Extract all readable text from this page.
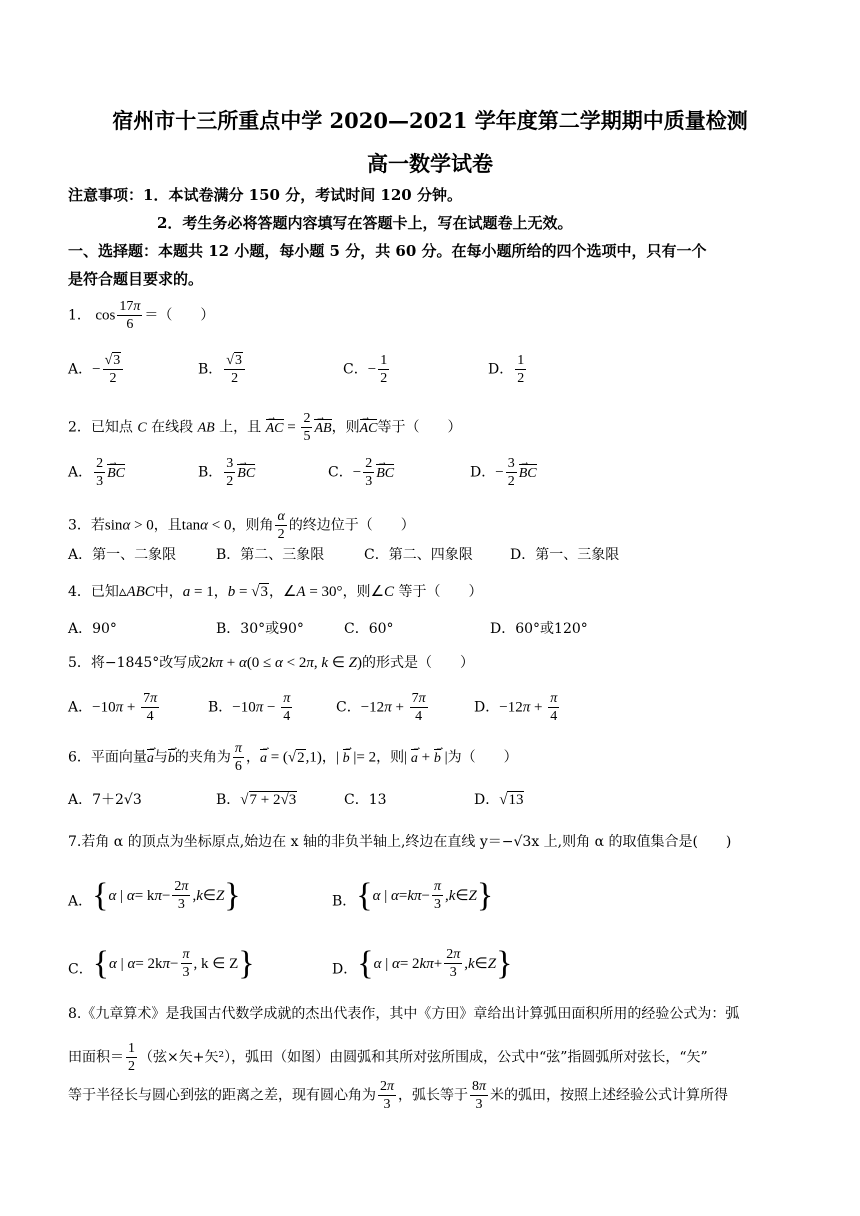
宿州市十三所重点中学 2020—2021 学年度第二学期期中质量检测
高一数学试卷
注意事项：1．本试卷满分 150 分，考试时间 120 分钟。
2．考生务必将答题内容填写在答题卡上，写在试题卷上无效。
一、选择题：本题共 12 小题，每小题 5 分，共 60 分。在每小题所给的四个选项中，只有一个
是符合题目要求的。
1． $\cos \frac{17\pi}{6}$ ＝（　　）
A．− $\frac{√3}{2}$	B． $\frac{√3}{2}$	C．− $\frac{1}{2}$	D． $\frac{1}{2}$
2．已知点 C 在线段 AB 上，且 AC → = $\frac{2}{5}$ AB →，则AC →等于（　　）
A． $\frac{2}{3}$ BC →	B． $\frac{3}{2}$ BC →	C．− $\frac{2}{3}$ BC →	D．− $\frac{3}{2}$ BC →
3．若sinα > 0，且tanα < 0，则角 $\frac{\alpha}{2}$ 的终边位于（　　）
A．第一、二象限	B．第二、三象限	C．第二、四象限	D．第一、三象限
4．已知▵ABC中，a = 1，b = √3，∠A = 30°，则∠C 等于（　　）
A．90°	B．30°或90°	C．60°	D．60°或120°
5．将−1845°改写成2kπ + α(0 ≤ α < 2π, k ∈ Z)的形式是（　　）
A．$-10\pi + \frac{7\pi}{4}$	B．$-10\pi - \frac{\pi}{4}$	C．$-12\pi + \frac{7\pi}{4}$	D．$-12\pi + \frac{\pi}{4}$
6．平面向量a →与b →的夹角为 $\frac{\pi}{6}$ ，a → = (√2,1)，| b → |= 2，则| a → + b → |为（　　）
A．7＋2√3	B．√7 + 2√3	C．13	D．√13
7.若角 α 的顶点为坐标原点,始边在 x 轴的非负半轴上,终边在直线 y＝−√3x 上,则角 α 的取值集合是(　　)
A． { α | α = k $\pi - \frac{2\pi}{3}$ , k ∈ Z }	B． { α | $\alpha = k\pi - \frac{\pi}{3}$ , k ∈ Z }
C． { α | α = 2k $\pi - \frac{\pi}{3}$ , k ∈ Z }	D． { α | α = 2 $k\pi + \frac{2\pi}{3}$ , k ∈ Z }
8.《九章算术》是我国古代数学成就的杰出代表作，其中《方田》章给出计算弧田面积所用的经验公式为：弧
田面积＝ $\frac{1}{2}$ （弦×矢+矢²），弧田（如图）由圆弧和其所对弦所围成，公式中“弦”指圆弧所对弦长，“矢”
等于半径长与圆心到弦的距离之差，现有圆心角为 $\frac{2\pi}{3}$ ，弧长等于 $\frac{8\pi}{3}$ 米的弧田，按照上述经验公式计算所得
